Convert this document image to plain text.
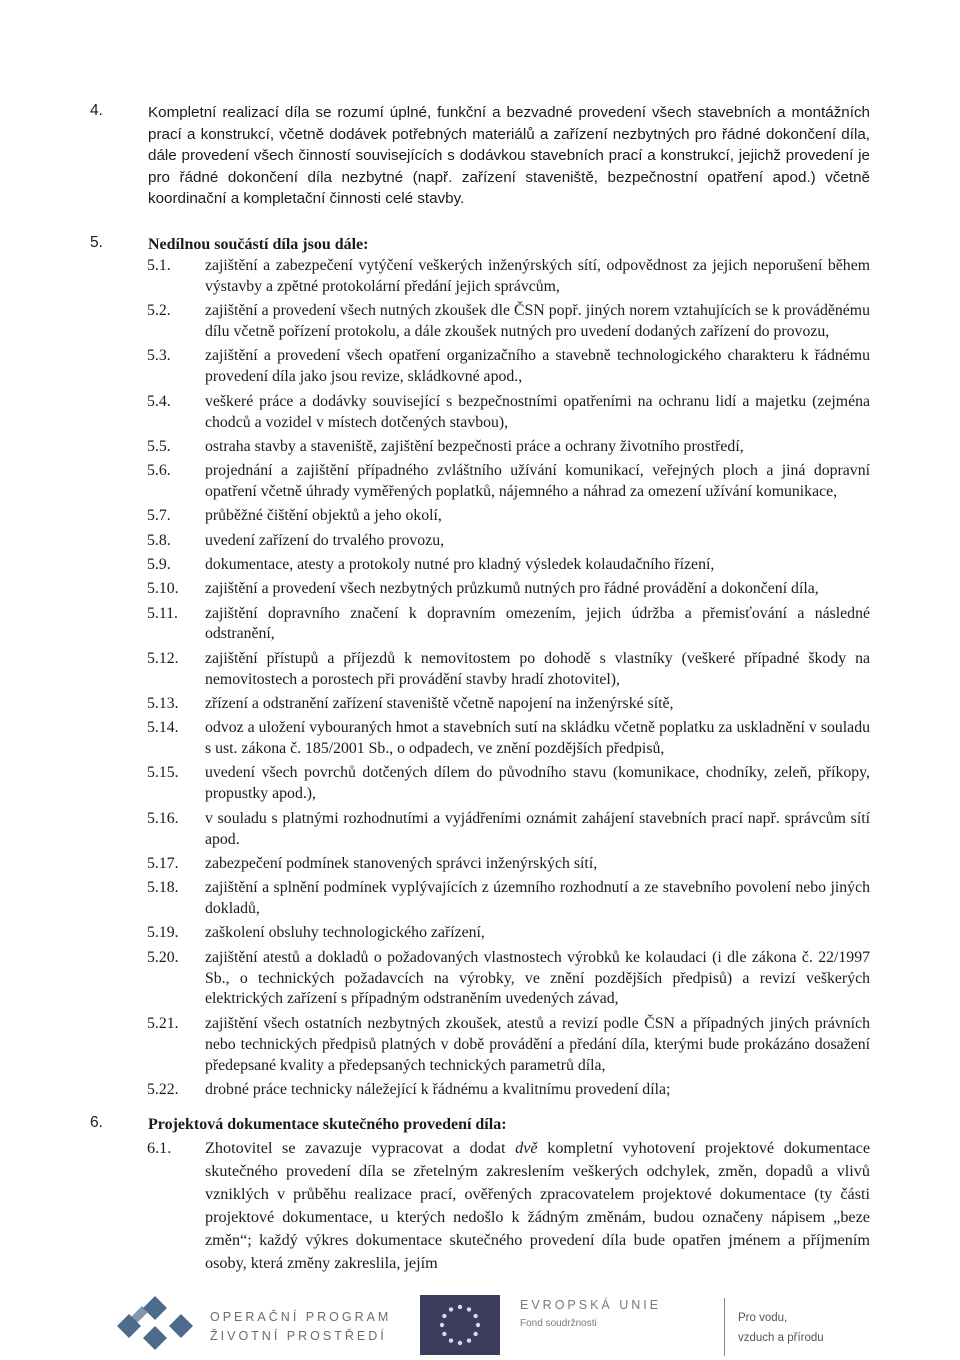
4.	Kompletní realizací díla se rozumí úplné, funkční a bezvadné provedení všech stavebních a montážních prací a konstrukcí, včetně dodávek potřebných materiálů a zařízení nezbytných pro řádné dokončení díla, dále provedení všech činností souvisejících s dodávkou stavebních prací a konstrukcí, jejichž provedení je pro řádné dokončení díla nezbytné (např. zařízení staveniště, bezpečnostní opatření apod.) včetně koordinační a kompletační činnosti celé stavby.
5.	Nedílnou součástí díla jsou dále:
5.1. zajištění a zabezpečení vytýčení veškerých inženýrských sítí, odpovědnost za jejich neporušení během výstavby a zpětné protokolární předání jejich správcům,
5.2. zajištění a provedení všech nutných zkoušek dle ČSN popř. jiných norem vztahujících se k prováděnému dílu včetně pořízení protokolu, a dále zkoušek nutných pro uvedení dodaných zařízení do provozu,
5.3. zajištění a provedení všech opatření organizačního a stavebně technologického charakteru k řádnému provedení díla jako jsou revize, skládkovné apod.,
5.4. veškeré práce a dodávky související s bezpečnostními opatřeními na ochranu lidí a majetku (zejména chodců a vozidel v místech dotčených stavbou),
5.5. ostraha stavby a staveniště, zajištění bezpečnosti práce a ochrany životního prostředí,
5.6. projednání a zajištění případného zvláštního užívání komunikací, veřejných ploch a jiná dopravní opatření včetně úhrady vyměřených poplatků, nájemného a náhrad za omezení užívání komunikace,
5.7. průběžné čištění objektů a jeho okolí,
5.8. uvedení zařízení do trvalého provozu,
5.9. dokumentace, atesty a protokoly nutné pro kladný výsledek kolaudačního řízení,
5.10. zajištění a provedení všech nezbytných průzkumů nutných pro řádné provádění a dokončení díla,
5.11. zajištění dopravního značení k dopravním omezením, jejich údržba a přemisťování a následné odstranění,
5.12. zajištění přístupů a příjezdů k nemovitostem po dohodě s vlastníky (veškeré případné škody na nemovitostech a porostech při provádění stavby hradí zhotovitel),
5.13. zřízení a odstranění zařízení staveniště včetně napojení na inženýrské sítě,
5.14. odvoz a uložení vybouraných hmot a stavebních sutí na skládku včetně poplatku za uskladnění v souladu s ust. zákona č. 185/2001 Sb., o odpadech, ve znění pozdějších předpisů,
5.15. uvedení všech povrchů dotčených dílem do původního stavu (komunikace, chodníky, zeleň, příkopy, propustky apod.),
5.16. v souladu s platnými rozhodnutími a vyjádřeními oznámit zahájení stavebních prací např. správcům sítí apod.
5.17. zabezpečení podmínek stanovených správci inženýrských sítí,
5.18. zajištění a splnění podmínek vyplývajících z územního rozhodnutí a ze stavebního povolení nebo jiných dokladů,
5.19. zaškolení obsluhy technologického zařízení,
5.20. zajištění atestů a dokladů o požadovaných vlastnostech výrobků ke kolaudaci (i dle zákona č. 22/1997 Sb., o technických požadavcích na výrobky, ve znění pozdějších předpisů) a revizí veškerých elektrických zařízení s případným odstraněním uvedených závad,
5.21. zajištění všech ostatních nezbytných zkoušek, atestů a revizí podle ČSN a případných jiných právních nebo technických předpisů platných v době provádění a předání díla, kterými bude prokázáno dosažení předepsané kvality a předepsaných technických parametrů díla,
5.22. drobné práce technicky náležející k řádnému a kvalitnímu provedení díla;
6.	Projektová dokumentace skutečného provedení díla:
6.1. Zhotovitel se zavazuje vypracovat a dodat dvě kompletní vyhotovení projektové dokumentace skutečného provedení díla se zřetelným zakreslením veškerých odchylek, změn, dopadů a vlivů vzniklých v průběhu realizace prací, ověřených zpracovatelem projektové dokumentace (ty části projektové dokumentace, u kterých nedošlo k žádným změnám, budou označeny nápisem „beze změn“; každý výkres dokumentace skutečného provedení díla bude opatřen jménem a příjmením osoby, která změny zakreslila, jejím
OPERAČNÍ PROGRAM
ŽIVOTNÍ PROSTŘEDÍ
EVROPSKÁ UNIE
Fond soudržnosti	Pro vodu,
vzduch a přírodu
